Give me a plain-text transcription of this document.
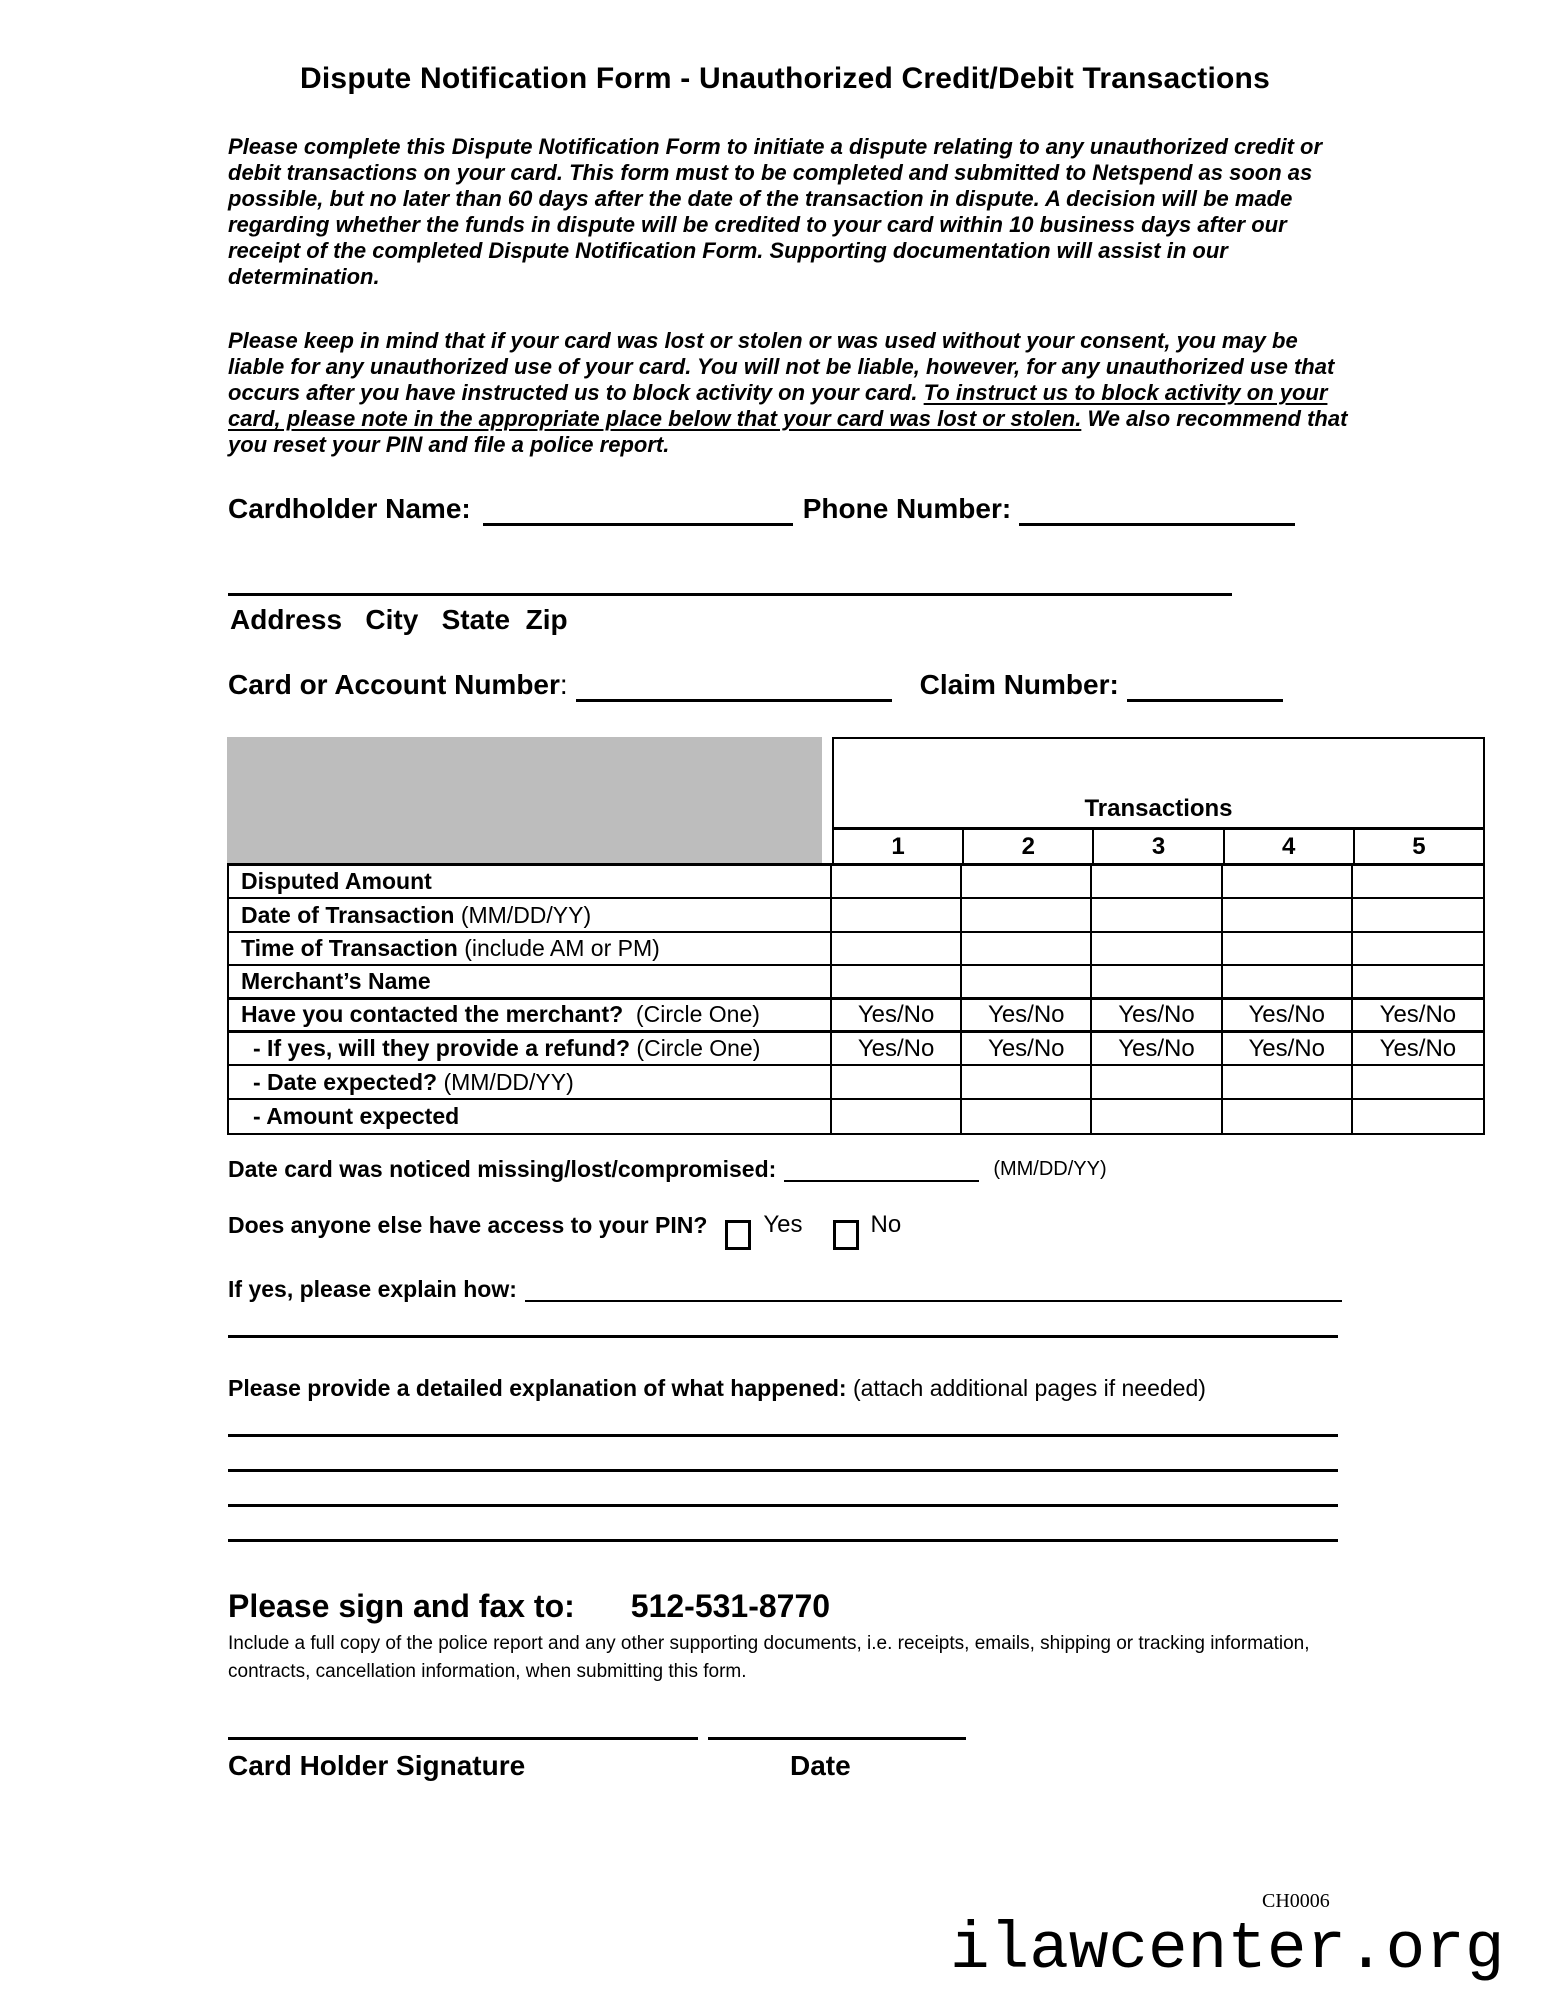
Dispute Notification Form - Unauthorized Credit/Debit Transactions
Please complete this Dispute Notification Form to initiate a dispute relating to any unauthorized credit or debit transactions on your card. This form must to be completed and submitted to Netspend as soon as possible, but no later than 60 days after the date of the transaction in dispute. A decision will be made regarding whether the funds in dispute will be credited to your card within 10 business days after our receipt of the completed Dispute Notification Form. Supporting documentation will assist in our determination.
Please keep in mind that if your card was lost or stolen or was used without your consent, you may be liable for any unauthorized use of your card. You will not be liable, however, for any unauthorized use that occurs after you have instructed us to block activity on your card. To instruct us to block activity on your card, please note in the appropriate place below that your card was lost or stolen. We also recommend that you reset your PIN and file a police report.
Cardholder Name:	Phone Number:
Address   City   State  Zip
Card or Account Number:	Claim Number:
Transactions
1	2	3	4	5
Disputed Amount
Date of Transaction (MM/DD/YY)
Time of Transaction (include AM or PM)
Merchant’s Name
Have you contacted the merchant? (Circle One)	Yes/No	Yes/No	Yes/No	Yes/No	Yes/No
- If yes, will they provide a refund? (Circle One)	Yes/No	Yes/No	Yes/No	Yes/No	Yes/No
- Date expected? (MM/DD/YY)
- Amount expected
Date card was noticed missing/lost/compromised:	(MM/DD/YY)
Does anyone else have access to your PIN? Yes	No
If yes, please explain how:
Please provide a detailed explanation of what happened: (attach additional pages if needed)
Please sign and fax to: 512-531-8770
Include a full copy of the police report and any other supporting documents, i.e. receipts, emails, shipping or tracking information, contracts, cancellation information, when submitting this form.
Card Holder Signature	Date
CH0006
ilawcenter.org
